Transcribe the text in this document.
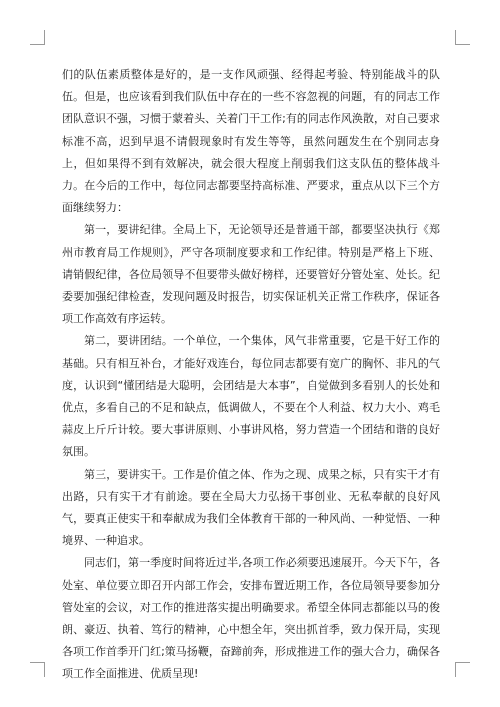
们的队伍素质整体是好的，是一支作风顽强、经得起考验、特别能战斗的队伍。但是，也应该看到我们队伍中存在的一些不容忽视的问题，有的同志工作团队意识不强，习惯于蒙着头、关着门干工作;有的同志作风涣散，对自己要求标准不高，迟到早退不请假现象时有发生等等，虽然问题发生在个别同志身上，但如果得不到有效解决，就会很大程度上削弱我们这支队伍的整体战斗力。在今后的工作中，每位同志都要坚持高标准、严要求，重点从以下三个方面继续努力：

第一，要讲纪律。全局上下，无论领导还是普通干部，都要坚决执行《郑州市教育局工作规则》，严守各项制度要求和工作纪律。特别是严格上下班、请销假纪律，各位局领导不但要带头做好榜样，还要管好分管处室、处长。纪委要加强纪律检查，发现问题及时报告，切实保证机关正常工作秩序，保证各项工作高效有序运转。

第二，要讲团结。一个单位，一个集体，风气非常重要，它是干好工作的基础。只有相互补台，才能好戏连台，每位同志都要有宽广的胸怀、非凡的气度，认识到“懂团结是大聪明，会团结是大本事”，自觉做到多看别人的长处和优点，多看自己的不足和缺点，低调做人，不要在个人利益、权力大小、鸡毛蒜皮上斤斤计较。要大事讲原则、小事讲风格，努力营造一个团结和谐的良好氛围。

第三，要讲实干。工作是价值之体、作为之现、成果之标，只有实干才有出路，只有实干才有前途。要在全局大力弘扬干事创业、无私奉献的良好风气，要真正使实干和奉献成为我们全体教育干部的一种风尚、一种觉悟、一种境界、一种追求。

同志们，第一季度时间将近过半,各项工作必须要迅速展开。今天下午，各处室、单位要立即召开内部工作会，安排布置近期工作，各位局领导要参加分管处室的会议，对工作的推进落实提出明确要求。希望全体同志都能以马的俊朗、豪迈、执着、笃行的精神，心中想全年，突出抓首季，致力保开局，实现各项工作首季开门红;策马扬鞭，奋蹄前奔，形成推进工作的强大合力，确保各项工作全面推进、优质呈现!
